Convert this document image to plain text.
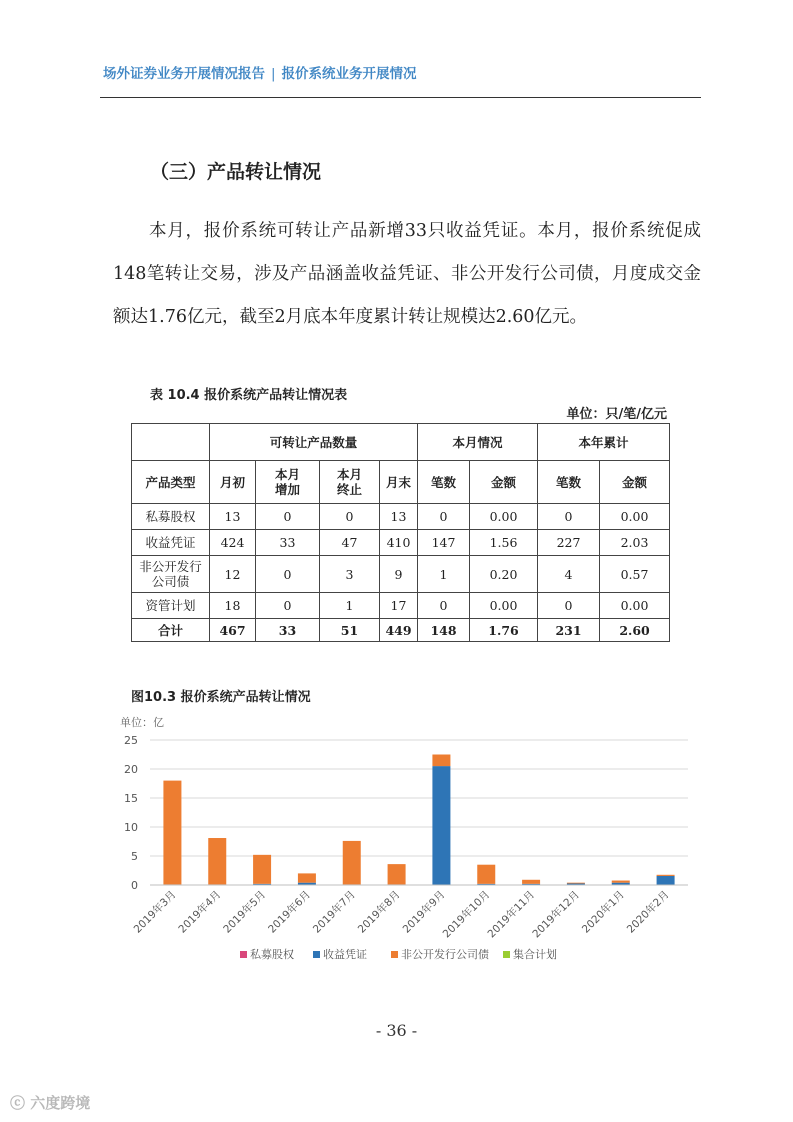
场外证券业务开展情况报告 | 报价系统业务开展情况
（三）产品转让情况
本月，报价系统可转让产品新增33只收益凭证。本月，报价系统促成148笔转让交易，涉及产品涵盖收益凭证、非公开发行公司债，月度成交金额达1.76亿元，截至2月底本年度累计转让规模达2.60亿元。
表 10.4 报价系统产品转让情况表
单位：只/笔/亿元
	可转让产品数量				本月情况		本年累计	
产品类型	月初	本月增加	本月终止	月末	笔数	金额	笔数	金额
私募股权	13	0	0	13	0	0.00	0	0.00
收益凭证	424	33	47	410	147	1.56	227	2.03
非公开发行公司债	12	0	3	9	1	0.20	4	0.57
资管计划	18	0	1	17	0	0.00	0	0.00
合计	467	33	51	449	148	1.76	231	2.60
图10.3 报价系统产品转让情况
单位：亿
0
5
10
15
20
25
2019年3月
2019年4月
2019年5月
2019年6月
2019年7月
2019年8月
2019年9月
2019年10月
2019年11月
2019年12月
2020年1月
2020年2月
私募股权	收益凭证	非公开发行公司债 集合计划
- 36 -
ⓒ 六度跨境
